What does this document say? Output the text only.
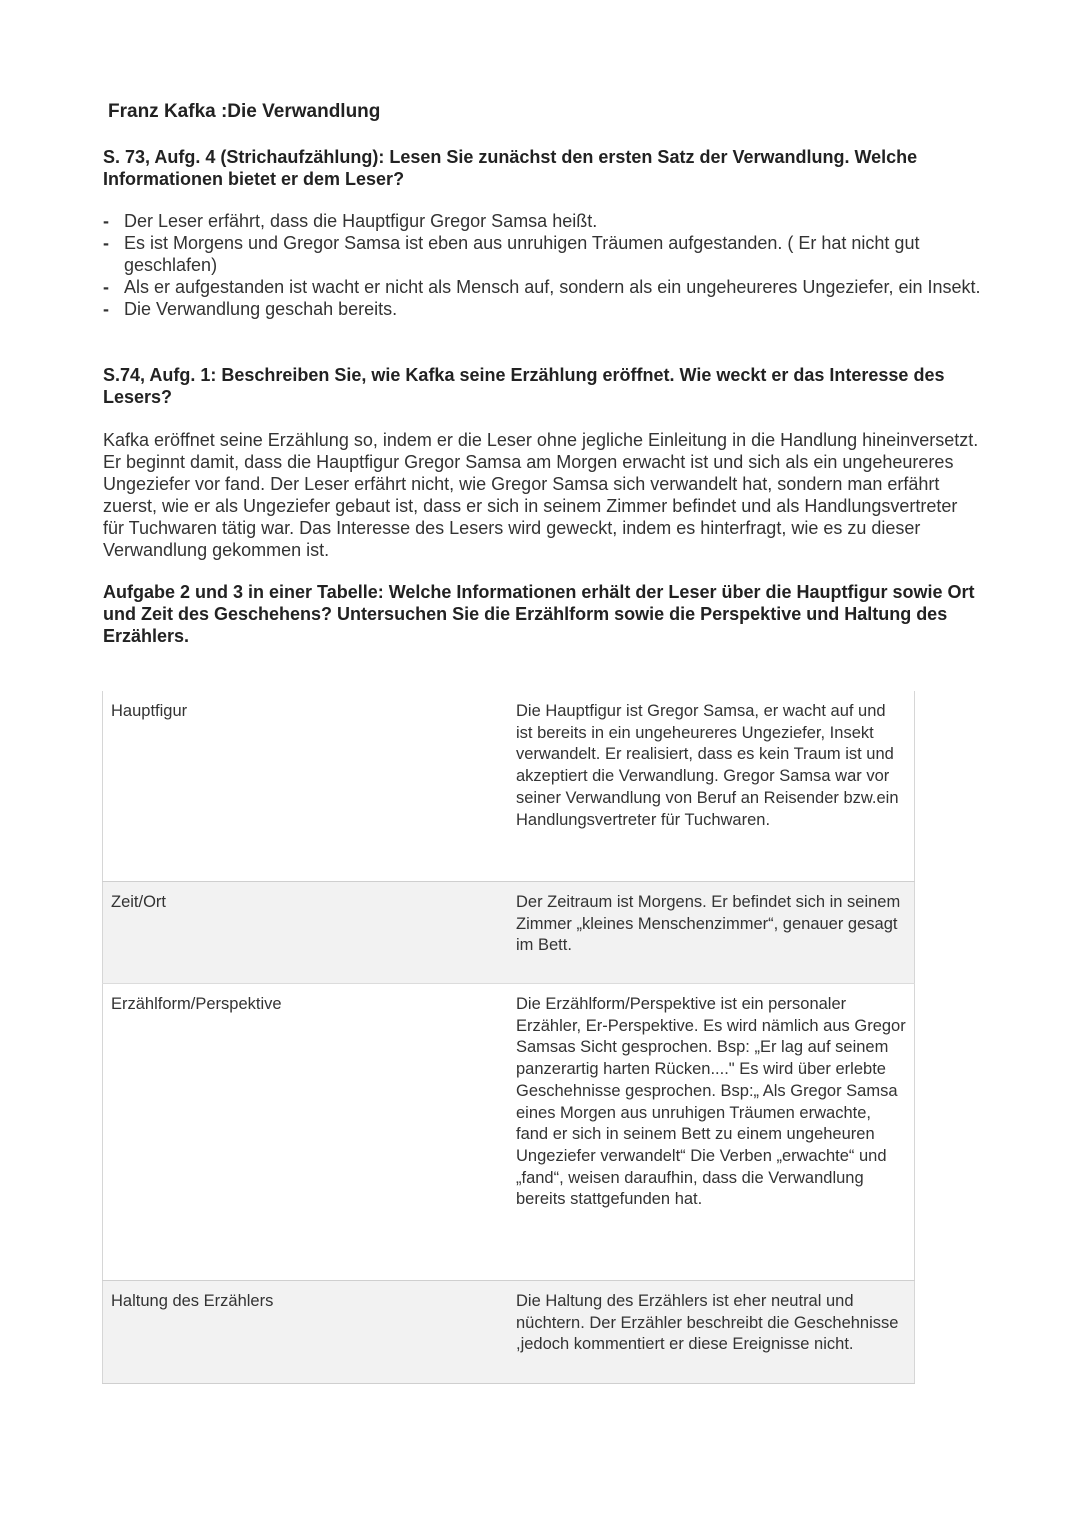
Franz Kafka :Die Verwandlung

S. 73, Aufg. 4 (Strichaufzählung): Lesen Sie zunächst den ersten Satz der Verwandlung. Welche Informationen bietet er dem Leser?

- Der Leser erfährt, dass die Hauptfigur Gregor Samsa heißt.
- Es ist Morgens und Gregor Samsa ist eben aus unruhigen Träumen aufgestanden. ( Er hat nicht gut geschlafen)
- Als er aufgestanden ist wacht er nicht als Mensch auf, sondern als ein ungeheureres Ungeziefer, ein Insekt.
- Die Verwandlung geschah bereits.

S.74, Aufg. 1: Beschreiben Sie, wie Kafka seine Erzählung eröffnet. Wie weckt er das Interesse des Lesers?

Kafka eröffnet seine Erzählung so, indem er die Leser ohne jegliche Einleitung in die Handlung hineinversetzt. Er beginnt damit, dass die Hauptfigur Gregor Samsa am Morgen erwacht ist und sich als ein ungeheureres Ungeziefer vor fand. Der Leser erfährt nicht, wie Gregor Samsa sich verwandelt hat, sondern man erfährt zuerst, wie er als Ungeziefer gebaut ist, dass er sich in seinem Zimmer befindet und als Handlungsvertreter für Tuchwaren tätig war. Das Interesse des Lesers wird geweckt, indem es hinterfragt, wie es zu dieser Verwandlung gekommen ist.

Aufgabe 2 und 3 in einer Tabelle: Welche Informationen erhält der Leser über die Hauptfigur sowie Ort und Zeit des Geschehens? Untersuchen Sie die Erzählform sowie die Perspektive und Haltung des Erzählers.

Hauptfigur	Die Hauptfigur ist Gregor Samsa, er wacht auf und ist bereits in ein ungeheureres Ungeziefer, Insekt verwandelt. Er realisiert, dass es kein Traum ist und akzeptiert die Verwandlung. Gregor Samsa war vor seiner Verwandlung von Beruf an Reisender bzw.ein Handlungsvertreter für Tuchwaren.

Zeit/Ort	Der Zeitraum ist Morgens. Er befindet sich in seinem Zimmer „kleines Menschenzimmer“, genauer gesagt im Bett.

Erzählform/Perspektive	Die Erzählform/Perspektive ist ein personaler Erzähler, Er-Perspektive. Es wird nämlich aus Gregor Samsas Sicht gesprochen. Bsp: „Er lag auf seinem panzerartig harten Rücken...." Es wird über erlebte Geschehnisse gesprochen. Bsp:„ Als Gregor Samsa eines Morgen aus unruhigen Träumen erwachte, fand er sich in seinem Bett zu einem ungeheuren Ungeziefer verwandelt“ Die Verben „erwachte“ und „fand“, weisen daraufhin, dass die Verwandlung bereits stattgefunden hat.

Haltung des Erzählers	Die Haltung des Erzählers ist eher neutral und nüchtern. Der Erzähler beschreibt die Geschehnisse ,jedoch kommentiert er diese Ereignisse nicht.
